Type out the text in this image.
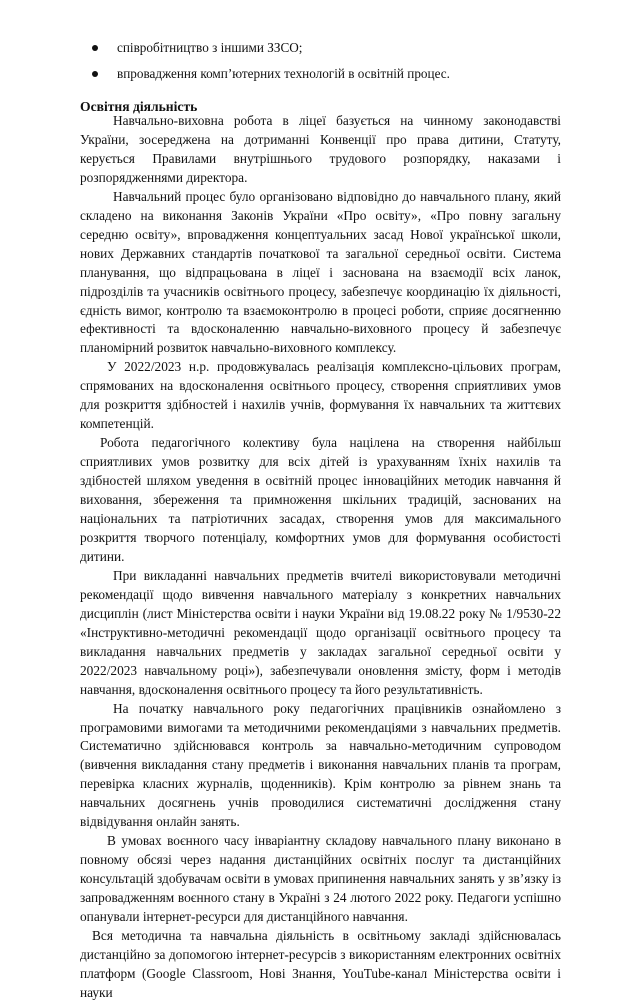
співробітництво з іншими ЗЗСО;
впровадження комп’ютерних технологій в освітній процес.
Освітня діяльність

Навчально-виховна робота в ліцеї базується на чинному законодавстві України, зосереджена на дотриманні Конвенції про права дитини, Статуту, керується Правилами внутрішнього трудового розпорядку, наказами і розпорядженнями директора.

Навчальний процес було організовано відповідно до навчального плану, який складено на виконання Законів України «Про освіту», «Про повну загальну середню освіту», впровадження концептуальних засад Нової української школи, нових Державних стандартів початкової та загальної середньої освіти. Система планування, що відпрацьована в ліцеї і заснована на взаємодії всіх ланок, підрозділів та учасників освітнього процесу, забезпечує координацію їх діяльності, єдність вимог, контролю та взаємоконтролю в процесі роботи, сприяє досягненню ефективності та вдосконаленню навчально-виховного процесу й забезпечує планомірний розвиток навчально-виховного комплексу.

У 2022/2023 н.р. продовжувалась реалізація комплексно-цільових програм, спрямованих на вдосконалення освітнього процесу, створення сприятливих умов для розкриття здібностей і нахилів учнів, формування їх навчальних та життєвих компетенцій.

Робота педагогічного колективу була націлена на створення найбільш сприятливих умов розвитку для всіх дітей із урахуванням їхніх нахилів та здібностей шляхом уведення в освітній процес інноваційних методик навчання й виховання, збереження та примноження шкільних традицій, заснованих на національних та патріотичних засадах, створення умов для максимального розкриття творчого потенціалу, комфортних умов для формування особистості дитини.

При викладанні навчальних предметів вчителі використовували методичні рекомендації щодо вивчення навчального матеріалу з конкретних навчальних дисциплін (лист Міністерства освіти і науки України від 19.08.22 року № 1/9530-22 «Інструктивно-методичні рекомендації щодо організації освітнього процесу та викладання навчальних предметів у закладах загальної середньої освіти у 2022/2023 навчальному році»), забезпечували оновлення змісту, форм і методів навчання, вдосконалення освітнього процесу та його результативність.

На початку навчального року педагогічних працівників ознайомлено з програмовими вимогами та методичними рекомендаціями з навчальних предметів. Систематично здійснювався контроль за навчально-методичним супроводом (вивчення викладання стану предметів і виконання навчальних планів та програм, перевірка класних журналів, щоденників). Крім контролю за рівнем знань та навчальних досягнень учнів проводилися систематичні дослідження стану відвідування онлайн занять.

В умовах воєнного часу інваріантну складову навчального плану виконано в повному обсязі через надання дистанційних освітніх послуг та дистанційних консультацій здобувачам освіти в умовах припинення навчальних занять у зв’язку із запровадженням воєнного стану в Україні з 24 лютого 2022 року. Педагоги успішно опанували інтернет-ресурси для дистанційного навчання.

Вся методична та навчальна діяльність в освітньому закладі здійснювалась дистанційно за допомогою інтернет-ресурсів з використанням електронних освітніх платформ (Google Classroom, Нові Знання, YouTube-канал Міністерства освіти і науки
